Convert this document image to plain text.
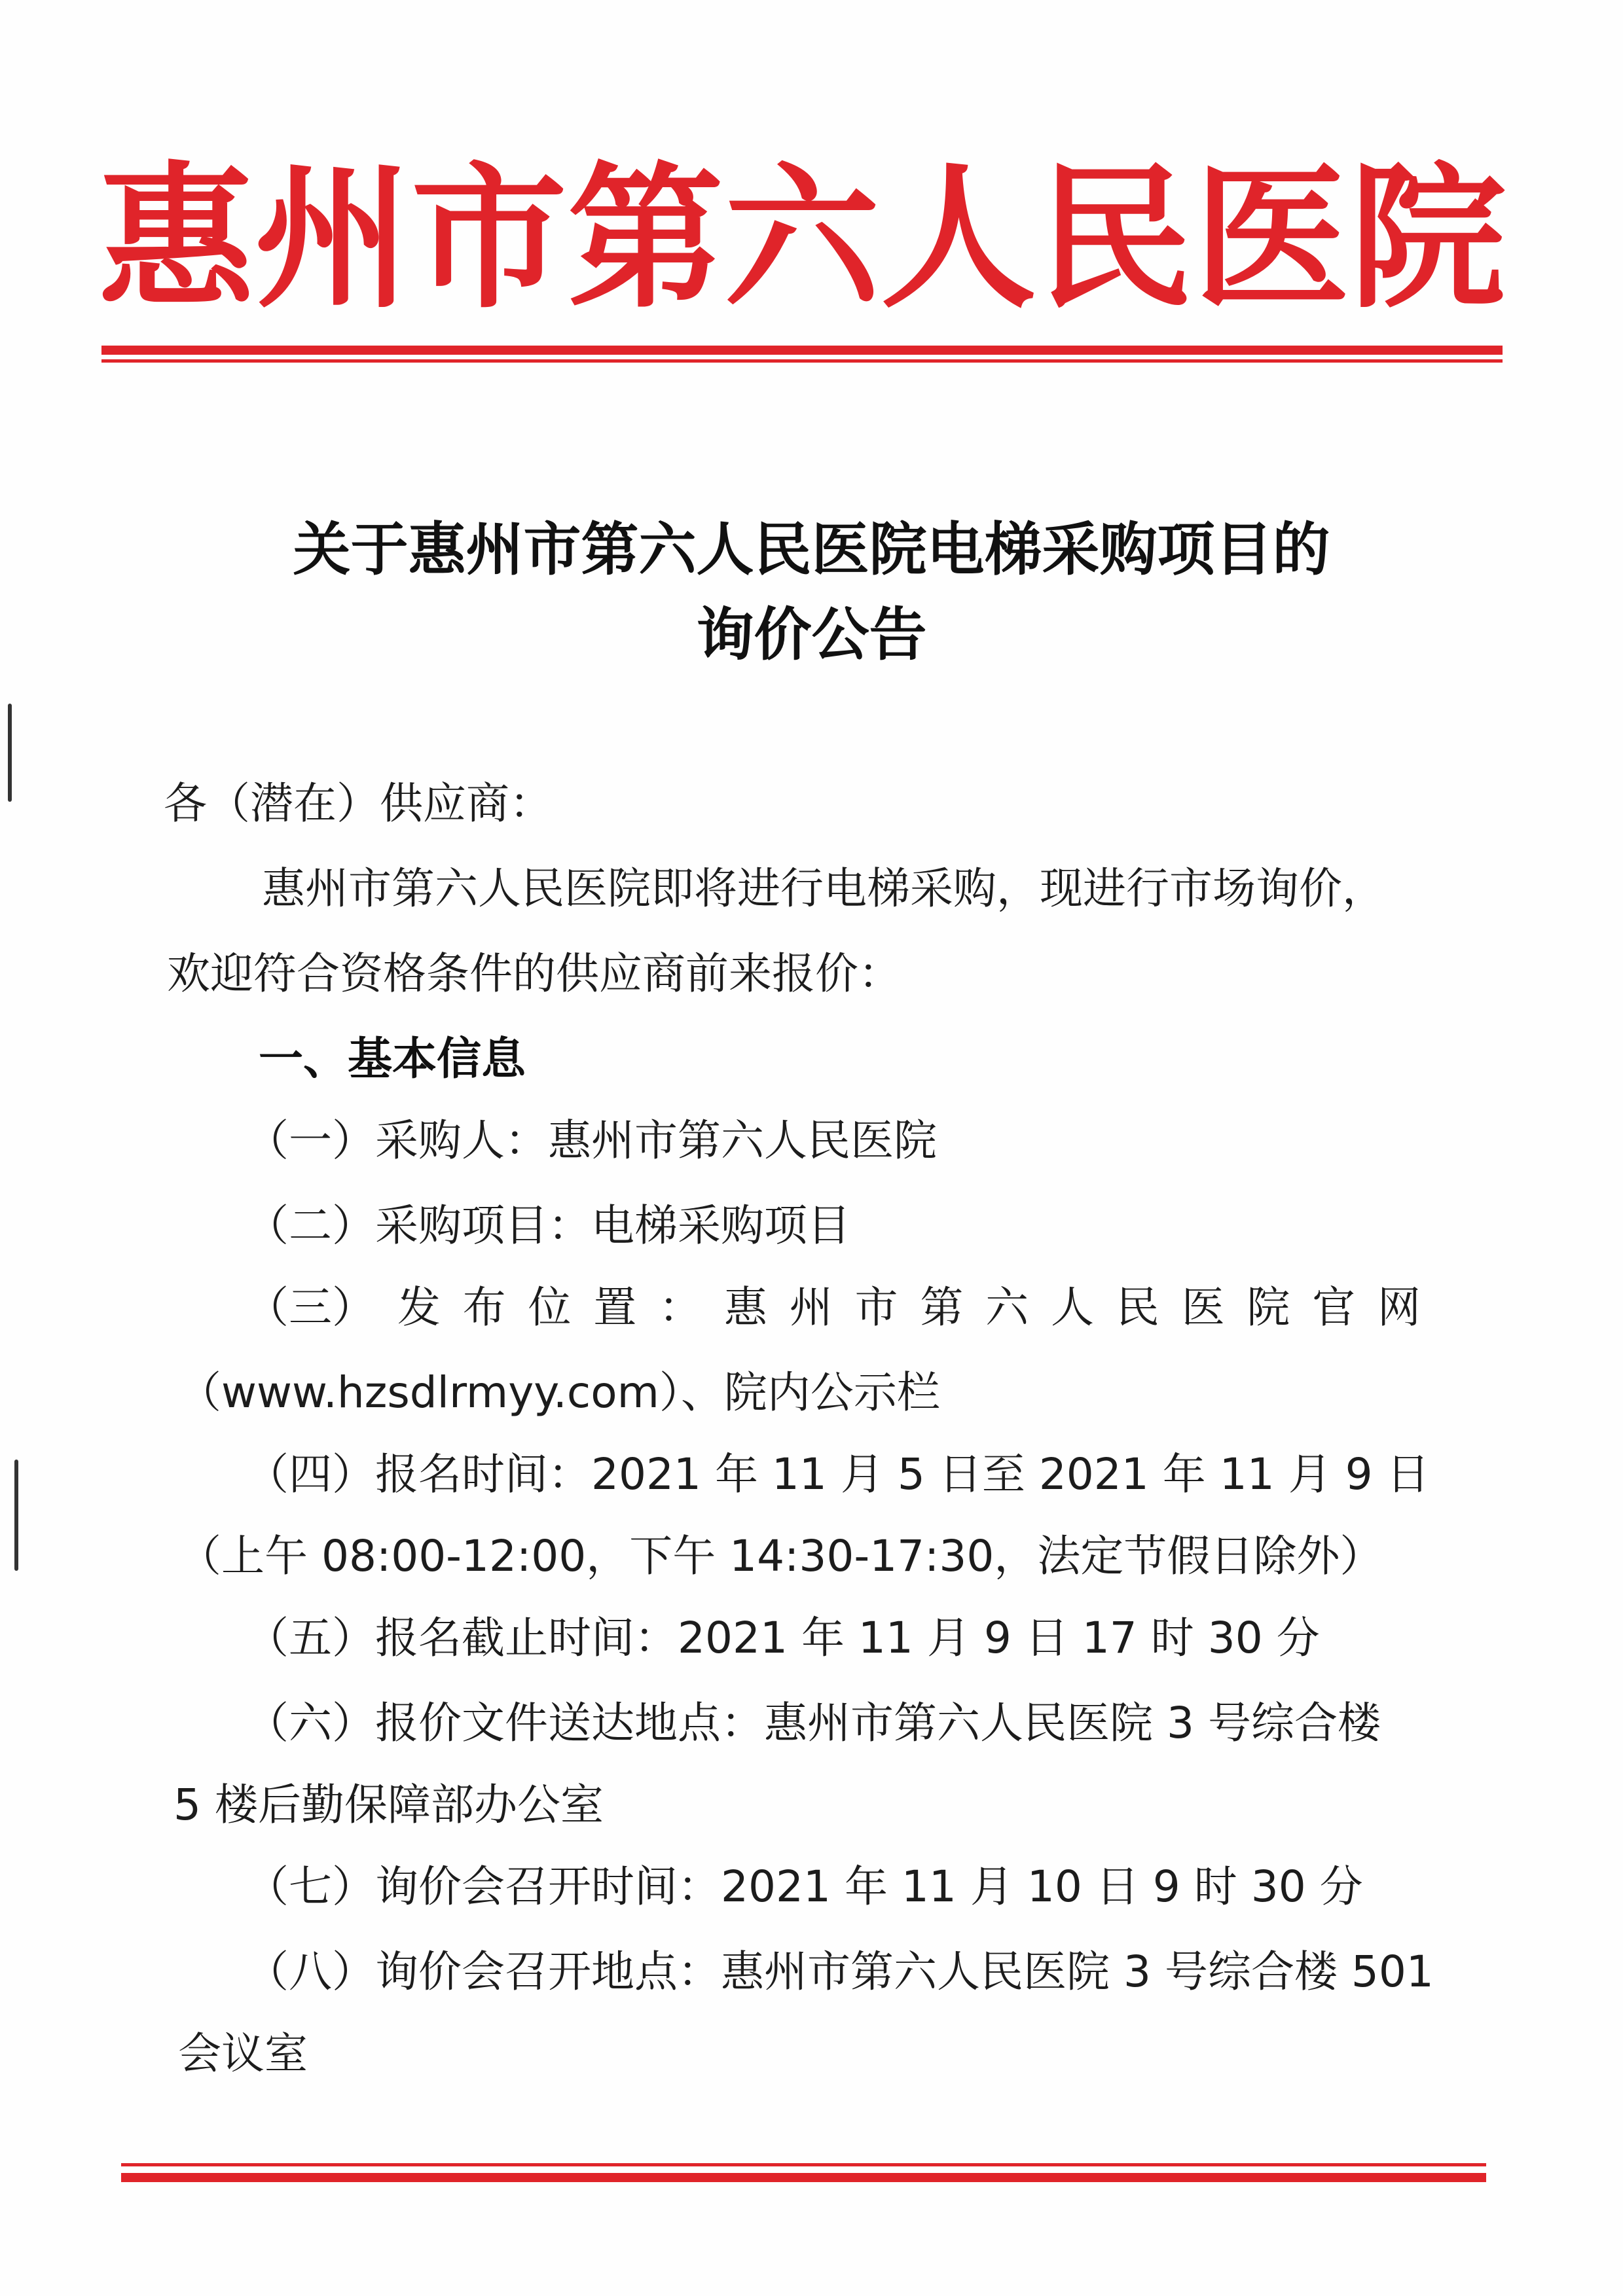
惠 州 市 第 六 人 民 医 院
关于惠州市第六人民医院电梯采购项目的
询价公告
各（潜在）供应商：
惠州市第六人民医院即将进行电梯采购，现进行市场询价，
欢迎符合资格条件的供应商前来报价：
一、基本信息
（一）采购人：惠州市第六人民医院
（二）采购项目：电梯采购项目
（三） 发 布 位 置 ： 惠 州 市 第 六 人 民 医 院 官 网
（www.hzsdlrmyy.com）、院内公示栏
（四）报名时间：2021 年 11 月 5 日至 2021 年 11 月 9 日
（上午 08:00-12:00，下午 14:30-17:30，法定节假日除外）
（五）报名截止时间：2021 年 11 月 9 日 17 时 30 分
（六）报价文件送达地点：惠州市第六人民医院 3 号综合楼
5 楼后勤保障部办公室
（七）询价会召开时间：2021 年 11 月 10 日 9 时 30 分
（八）询价会召开地点：惠州市第六人民医院 3 号综合楼 501
会议室
